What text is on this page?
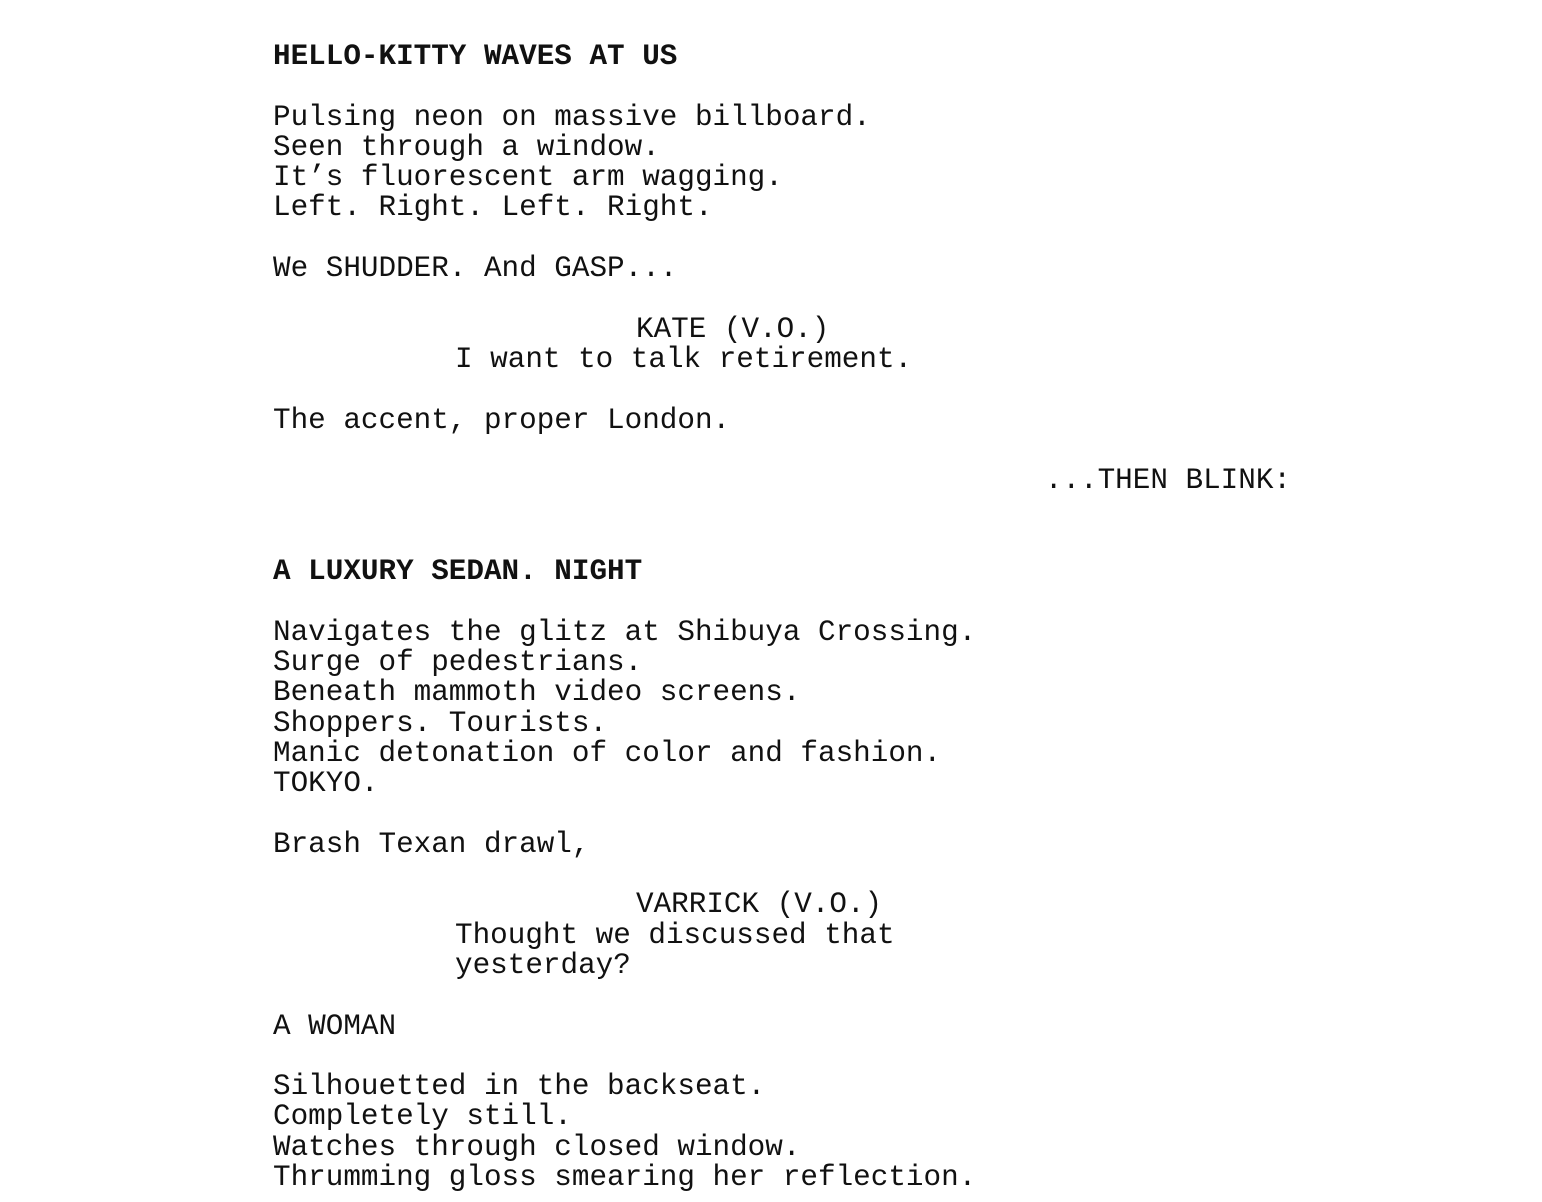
HELLO-KITTY WAVES AT US
Pulsing neon on massive billboard.
Seen through a window.
It’s fluorescent arm wagging.
Left. Right. Left. Right.
We SHUDDER. And GASP...
KATE (V.O.)
I want to talk retirement.
The accent, proper London.
...THEN BLINK:
A LUXURY SEDAN. NIGHT
Navigates the glitz at Shibuya Crossing.
Surge of pedestrians.
Beneath mammoth video screens.
Shoppers. Tourists.
Manic detonation of color and fashion.
TOKYO.
Brash Texan drawl,
VARRICK (V.O.)
Thought we discussed that
yesterday?
A WOMAN
Silhouetted in the backseat.
Completely still.
Watches through closed window.
Thrumming gloss smearing her reflection.
